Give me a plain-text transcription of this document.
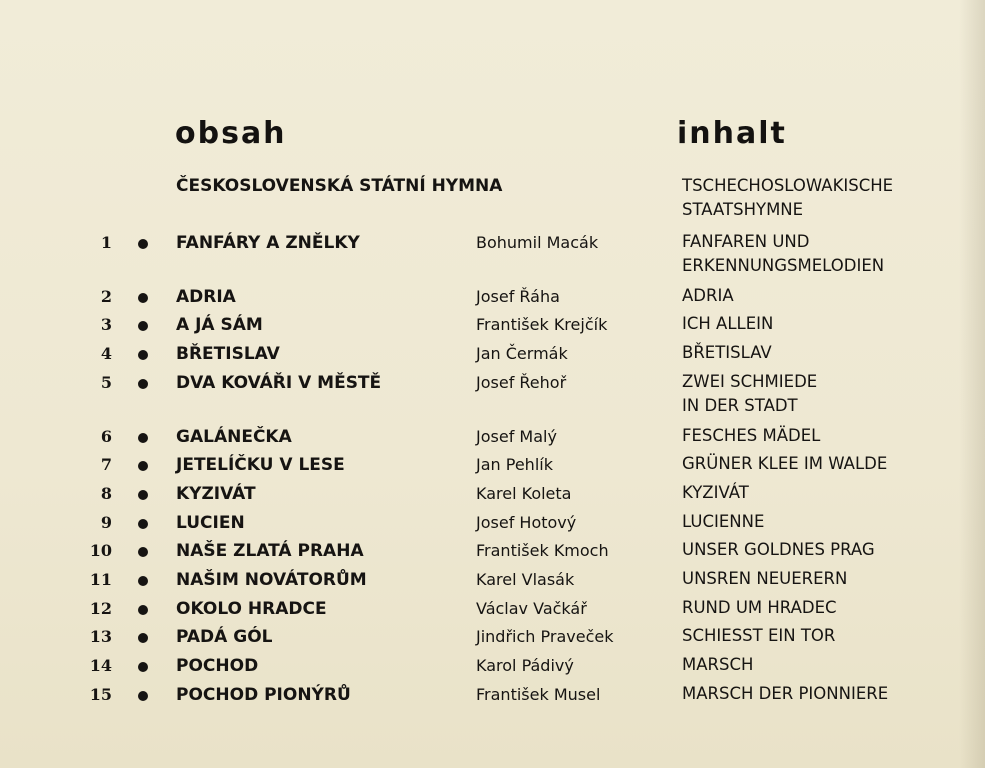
obsah	inhalt
ČESKOSLOVENSKÁ STÁTNÍ HYMNA	TSCHECHOSLOWAKISCHE
STAATSHYMNE
1	FANFÁRY A ZNĚLKY	Bohumil Macák	FANFAREN UND
ERKENNUNGSMELODIEN
2	ADRIA	Josef Řáha	ADRIA
3	A JÁ SÁM	František Krejčík	ICH ALLEIN
4	BŘETISLAV	Jan Čermák	BŘETISLAV
5	DVA KOVÁŘI V MĚSTĚ	Josef Řehoř	ZWEI SCHMIEDE
IN DER STADT
6	GALÁNEČKA	Josef Malý	FESCHES MÄDEL
7	JETELÍČKU V LESE	Jan Pehlík	GRÜNER KLEE IM WALDE
8	KYZIVÁT	Karel Koleta	KYZIVÁT
9	LUCIEN	Josef Hotový	LUCIENNE
10	NAŠE ZLATÁ PRAHA	František Kmoch	UNSER GOLDNES PRAG
11	NAŠIM NOVÁTORŮM	Karel Vlasák	UNSREN NEUERERN
12	OKOLO HRADCE	Václav Vačkář	RUND UM HRADEC
13	PADÁ GÓL	Jindřich Praveček	SCHIESST EIN TOR
14	POCHOD	Karol Pádivý	MARSCH
15	POCHOD PIONÝRŮ	František Musel	MARSCH DER PIONNIERE
